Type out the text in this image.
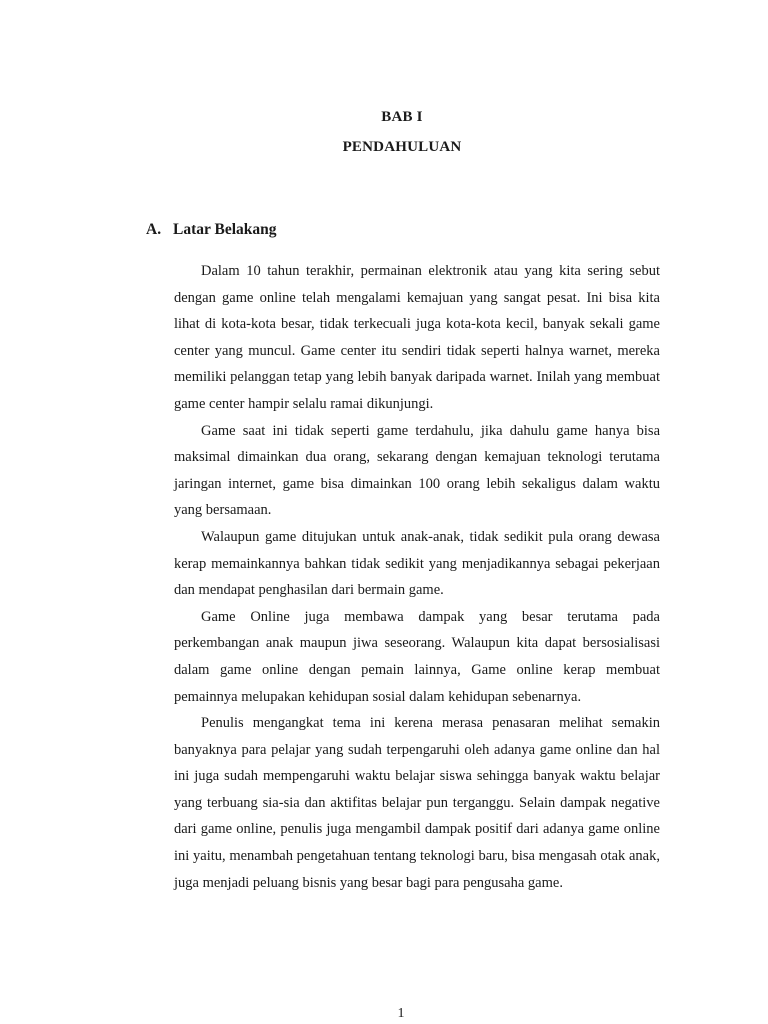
BAB I
PENDAHULUAN
A. Latar Belakang

Dalam 10 tahun terakhir, permainan elektronik atau yang kita sering sebut dengan game online telah mengalami kemajuan yang sangat pesat. Ini bisa kita lihat di kota-kota besar, tidak terkecuali juga kota-kota kecil, banyak sekali game center yang muncul. Game center itu sendiri tidak seperti halnya warnet, mereka memiliki pelanggan tetap yang lebih banyak daripada warnet. Inilah yang membuat game center hampir selalu ramai dikunjungi.

Game saat ini tidak seperti game terdahulu, jika dahulu game hanya bisa maksimal dimainkan dua orang, sekarang dengan kemajuan teknologi terutama jaringan internet, game bisa dimainkan 100 orang lebih sekaligus dalam waktu yang bersamaan.

Walaupun game ditujukan untuk anak-anak, tidak sedikit pula orang dewasa kerap memainkannya bahkan tidak sedikit yang menjadikannya sebagai pekerjaan dan mendapat penghasilan dari bermain game.

Game Online juga membawa dampak yang besar terutama pada perkembangan anak maupun jiwa seseorang. Walaupun kita dapat bersosialisasi dalam game online dengan pemain lainnya, Game online kerap membuat pemainnya melupakan kehidupan sosial dalam kehidupan sebenarnya.

Penulis mengangkat tema ini kerena merasa penasaran melihat semakin banyaknya para pelajar yang sudah terpengaruhi oleh adanya game online dan hal ini juga sudah mempengaruhi waktu belajar siswa sehingga banyak waktu belajar yang terbuang sia-sia dan aktifitas belajar pun terganggu. Selain dampak negative dari game online, penulis juga mengambil dampak positif dari adanya game online ini yaitu, menambah pengetahuan tentang teknologi baru, bisa mengasah otak anak, juga menjadi peluang bisnis yang besar bagi para pengusaha game.

1
